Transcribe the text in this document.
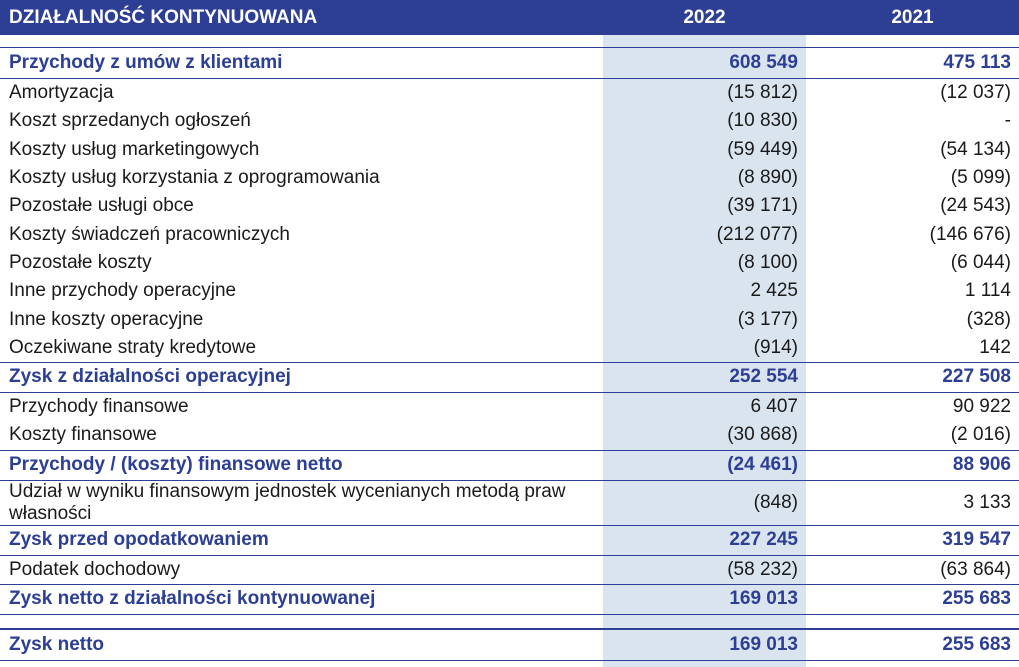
DZIAŁALNOŚĆ KONTYNUOWANA	2022	2021

Przychody z umów z klientami	608 549	475 113
Amortyzacja	(15 812)	(12 037)
Koszt sprzedanych ogłoszeń	(10 830)	-
Koszty usług marketingowych	(59 449)	(54 134)
Koszty usług korzystania z oprogramowania	(8 890)	(5 099)
Pozostałe usługi obce	(39 171)	(24 543)
Koszty świadczeń pracowniczych	(212 077)	(146 676)
Pozostałe koszty	(8 100)	(6 044)
Inne przychody operacyjne	2 425	1 114
Inne koszty operacyjne	(3 177)	(328)
Oczekiwane straty kredytowe	(914)	142
Zysk z działalności operacyjnej	252 554	227 508
Przychody finansowe	6 407	90 922
Koszty finansowe	(30 868)	(2 016)
Przychody / (koszty) finansowe netto	(24 461)	88 906
Udział w wyniku finansowym jednostek wycenianych metodą praw własności	(848)	3 133
Zysk przed opodatkowaniem	227 245	319 547
Podatek dochodowy	(58 232)	(63 864)
Zysk netto z działalności kontynuowanej	169 013	255 683

Zysk netto	169 013	255 683
